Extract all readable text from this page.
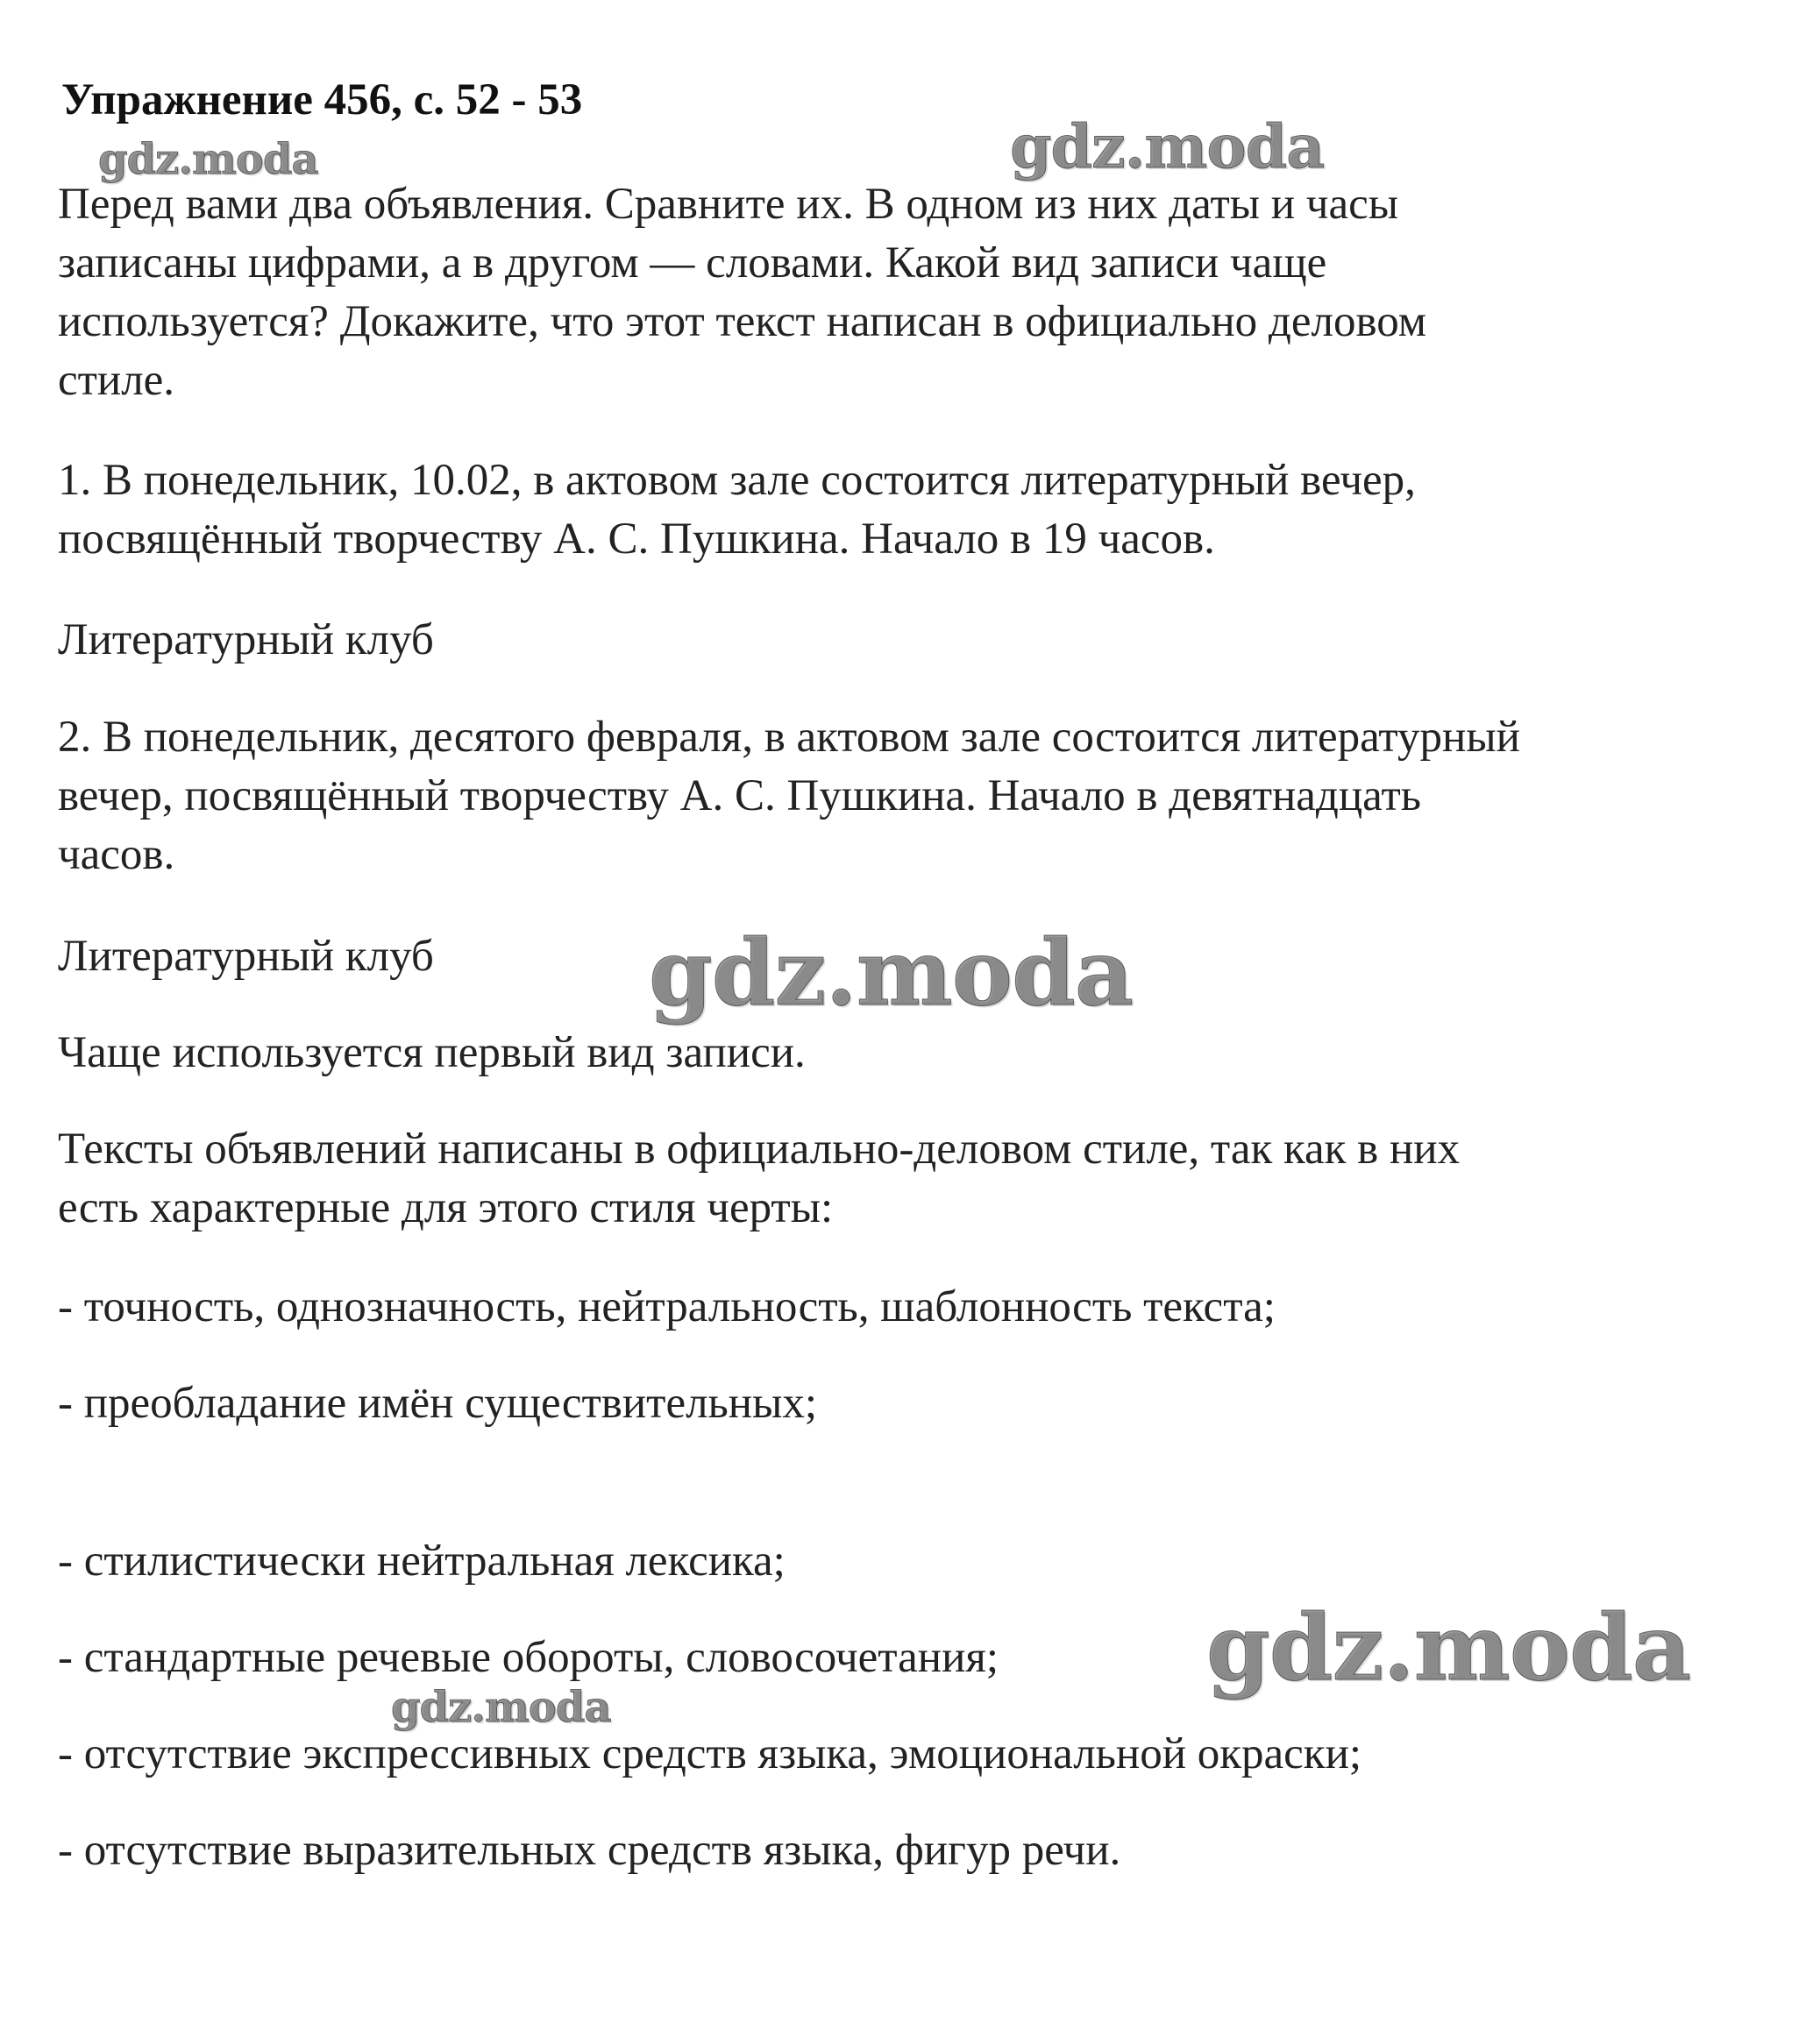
Упражнение 456, с. 52 - 53

Перед вами два объявления. Сравните их. В одном из них даты и часы
записаны цифрами, а в другом — словами. Какой вид записи чаще
используется? Докажите, что этот текст написан в официально деловом
стиле.

1. В понедельник, 10.02, в актовом зале состоится литературный вечер,
посвящённый творчеству А. С. Пушкина. Начало в 19 часов.

Литературный клуб

2. В понедельник, десятого февраля, в актовом зале состоится литературный
вечер, посвящённый творчеству А. С. Пушкина. Начало в девятнадцать
часов.

Литературный клуб

Чаще используется первый вид записи.

Тексты объявлений написаны в официально-деловом стиле, так как в них
есть характерные для этого стиля черты:

- точность, однозначность, нейтральность, шаблонность текста;

- преобладание имён существительных;

- стилистически нейтральная лексика;

- стандартные речевые обороты, словосочетания;

- отсутствие экспрессивных средств языка, эмоциональной окраски;

- отсутствие выразительных средств языка, фигур речи.

gdz.moda	gdz.moda
gdz.moda
gdz.moda
gdz.moda
